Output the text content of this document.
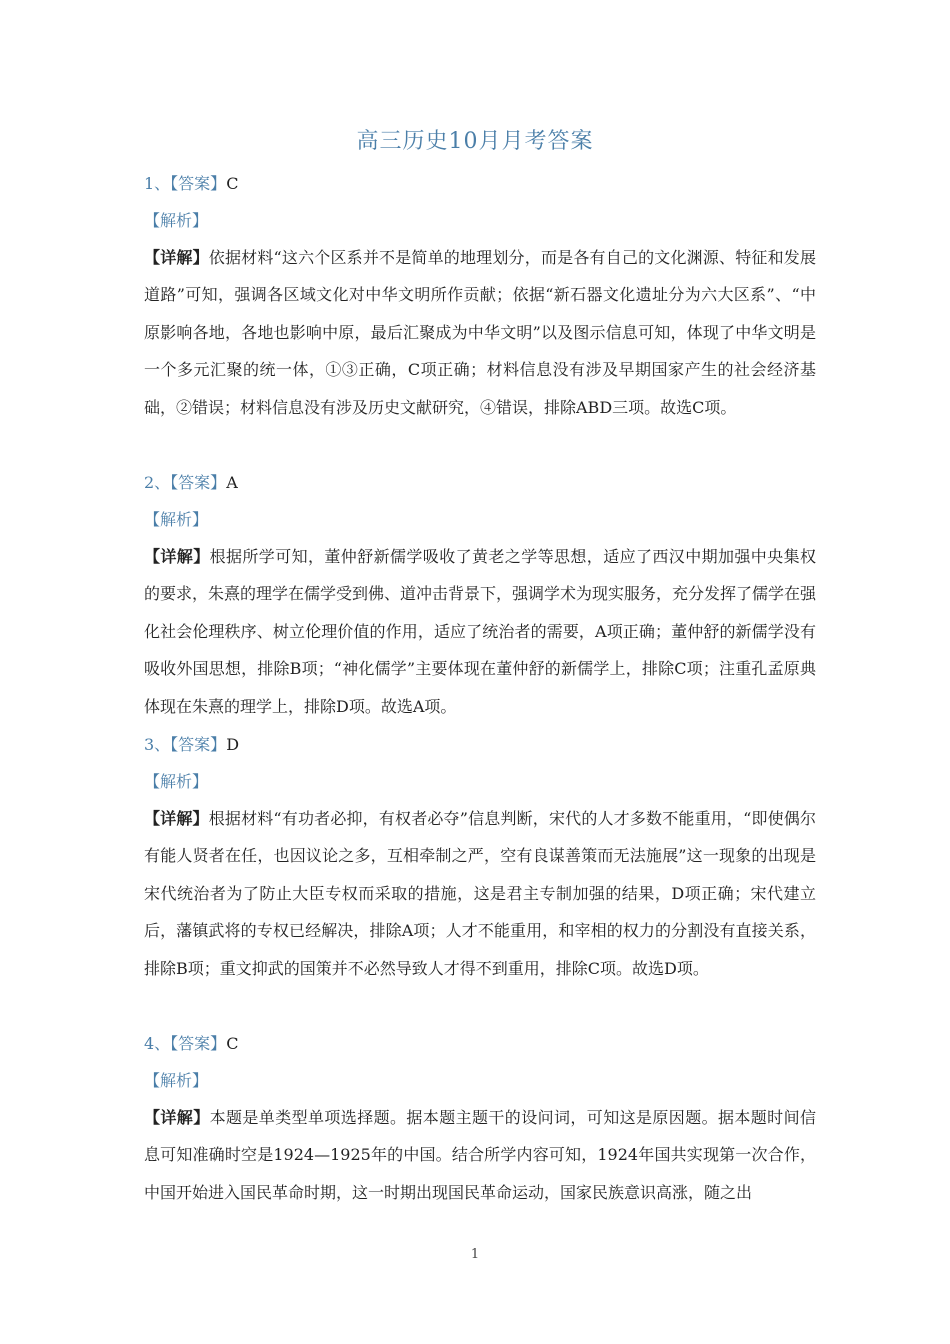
高三历史10月月考答案
1、【答案】C
【解析】
【详解】依据材料“这六个区系并不是简单的地理划分，而是各有自己的文化渊源、特征和发展道路”可知，强调各区域文化对中华文明所作贡献；依据“新石器文化遗址分为六大区系”、“中原影响各地，各地也影响中原，最后汇聚成为中华文明”以及图示信息可知，体现了中华文明是一个多元汇聚的统一体，①③正确，C项正确；材料信息没有涉及早期国家产生的社会经济基础，②错误；材料信息没有涉及历史文献研究，④错误，排除ABD三项。故选C项。
2、【答案】A
【解析】
【详解】根据所学可知，董仲舒新儒学吸收了黄老之学等思想，适应了西汉中期加强中央集权的要求，朱熹的理学在儒学受到佛、道冲击背景下，强调学术为现实服务，充分发挥了儒学在强化社会伦理秩序、树立伦理价值的作用，适应了统治者的需要，A项正确；董仲舒的新儒学没有吸收外国思想，排除B项；“神化儒学”主要体现在董仲舒的新儒学上，排除C项；注重孔孟原典体现在朱熹的理学上，排除D项。故选A项。
3、【答案】D
【解析】
【详解】根据材料“有功者必抑，有权者必夺”信息判断，宋代的人才多数不能重用，“即使偶尔有能人贤者在任，也因议论之多，互相牵制之严，空有良谋善策而无法施展”这一现象的出现是宋代统治者为了防止大臣专权而采取的措施，这是君主专制加强的结果，D项正确；宋代建立后，藩镇武将的专权已经解决，排除A项；人才不能重用，和宰相的权力的分割没有直接关系，排除B项；重文抑武的国策并不必然导致人才得不到重用，排除C项。故选D项。
4、【答案】C
【解析】
【详解】本题是单类型单项选择题。据本题主题干的设问词，可知这是原因题。据本题时间信息可知准确时空是1924—1925年的中国。结合所学内容可知，1924年国共实现第一次合作，中国开始进入国民革命时期，这一时期出现国民革命运动，国家民族意识高涨，随之出
1
